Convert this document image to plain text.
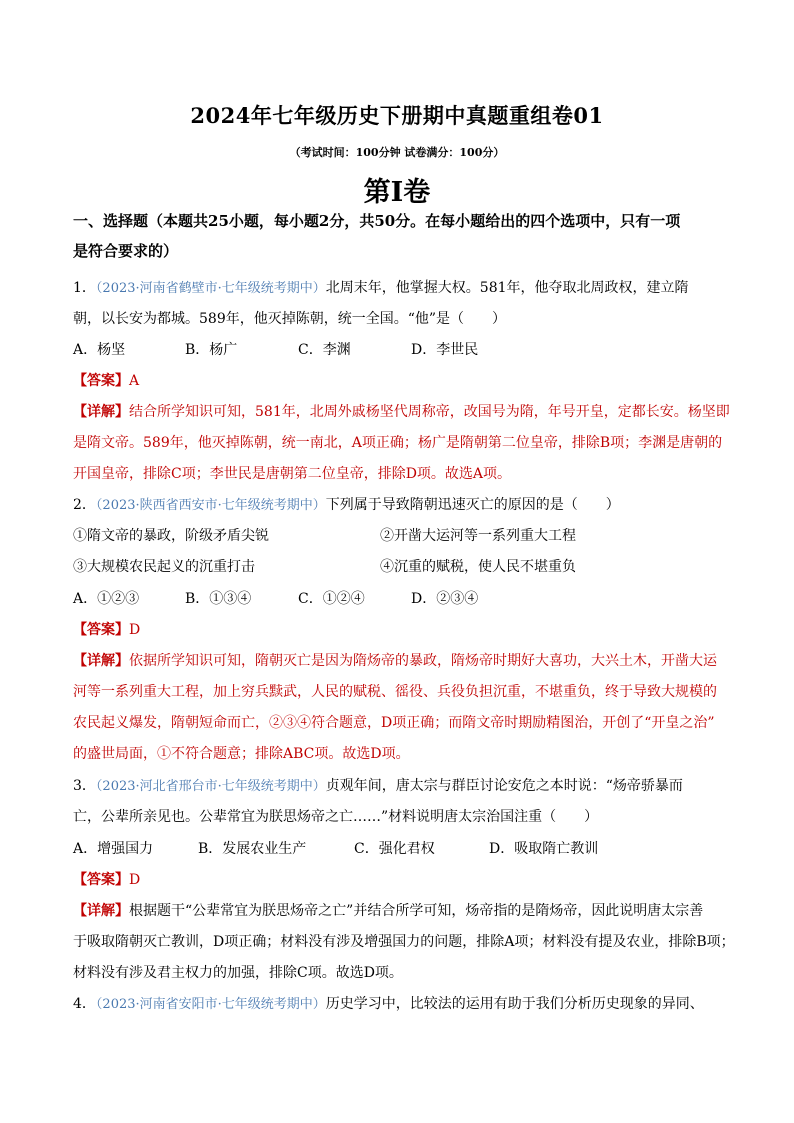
2024年七年级历史下册期中真题重组卷01
（考试时间：100分钟 试卷满分：100分）
第Ⅰ卷
一、选择题（本题共25小题，每小题2分，共50分。在每小题给出的四个选项中，只有一项
是符合要求的）
1．（2023·河南省鹤壁市·七年级统考期中）北周末年，他掌握大权。581年，他夺取北周政权，建立隋
朝，以长安为都城。589年，他灭掉陈朝，统一全国。“他”是（　　）
A．杨坚	B．杨广	C．李渊	D．李世民
【答案】A
【详解】结合所学知识可知，581年，北周外戚杨坚代周称帝，改国号为隋，年号开皇，定都长安。杨坚即
是隋文帝。589年，他灭掉陈朝，统一南北，A项正确；杨广是隋朝第二位皇帝，排除B项；李渊是唐朝的
开国皇帝，排除C项；李世民是唐朝第二位皇帝，排除D项。故选A项。
2．（2023·陕西省西安市·七年级统考期中）下列属于导致隋朝迅速灭亡的原因的是（　　）
①隋文帝的暴政，阶级矛盾尖锐	②开凿大运河等一系列重大工程
③大规模农民起义的沉重打击	④沉重的赋税，使人民不堪重负
A．①②③	B．①③④	C．①②④	D．②③④
【答案】D
【详解】依据所学知识可知，隋朝灭亡是因为隋炀帝的暴政，隋炀帝时期好大喜功，大兴土木，开凿大运
河等一系列重大工程，加上穷兵黩武，人民的赋税、徭役、兵役负担沉重，不堪重负，终于导致大规模的
农民起义爆发，隋朝短命而亡，②③④符合题意，D项正确；而隋文帝时期励精图治，开创了“开皇之治”
的盛世局面，①不符合题意；排除ABC项。故选D项。
3．（2023·河北省邢台市·七年级统考期中）贞观年间，唐太宗与群臣讨论安危之本时说：“炀帝骄暴而
亡，公辈所亲见也。公辈常宜为朕思炀帝之亡……”材料说明唐太宗治国注重（　　）
A．增强国力	B．发展农业生产	C．强化君权	D．吸取隋亡教训
【答案】D
【详解】根据题干“公辈常宜为朕思炀帝之亡”并结合所学可知，炀帝指的是隋炀帝，因此说明唐太宗善
于吸取隋朝灭亡教训，D项正确；材料没有涉及增强国力的问题，排除A项；材料没有提及农业，排除B项；
材料没有涉及君主权力的加强，排除C项。故选D项。
4．（2023·河南省安阳市·七年级统考期中）历史学习中，比较法的运用有助于我们分析历史现象的异同、
